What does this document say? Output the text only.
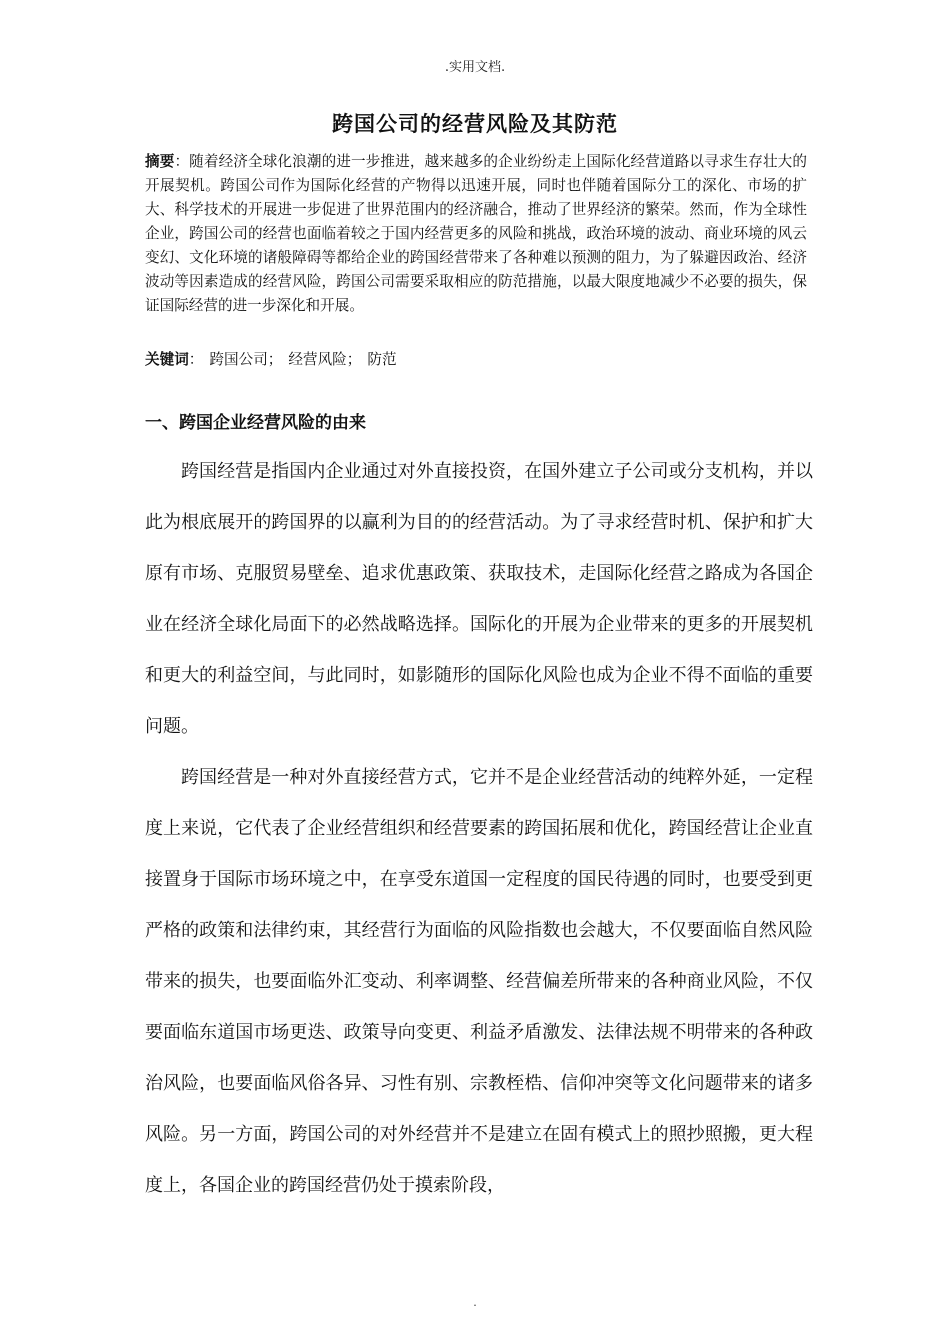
.实用文档.
跨国公司的经营风险及其防范
摘要：随着经济全球化浪潮的进一步推进，越来越多的企业纷纷走上国际化经营道路以寻求生存壮大的开展契机。跨国公司作为国际化经营的产物得以迅速开展，同时也伴随着国际分工的深化、市场的扩大、科学技术的开展进一步促进了世界范围内的经济融合，推动了世界经济的繁荣。然而，作为全球性企业，跨国公司的经营也面临着较之于国内经营更多的风险和挑战，政治环境的波动、商业环境的风云变幻、文化环境的诸般障碍等都给企业的跨国经营带来了各种难以预测的阻力，为了躲避因政治、经济波动等因素造成的经营风险，跨国公司需要采取相应的防范措施，以最大限度地减少不必要的损失，保证国际经营的进一步深化和开展。
关键词： 跨国公司； 经营风险； 防范
一、跨国企业经营风险的由来

跨国经营是指国内企业通过对外直接投资，在国外建立子公司或分支机构，并以此为根底展开的跨国界的以赢利为目的的经营活动。为了寻求经营时机、保护和扩大原有市场、克服贸易壁垒、追求优惠政策、获取技术，走国际化经营之路成为各国企业在经济全球化局面下的必然战略选择。国际化的开展为企业带来的更多的开展契机和更大的利益空间，与此同时，如影随形的国际化风险也成为企业不得不面临的重要问题。

跨国经营是一种对外直接经营方式，它并不是企业经营活动的纯粹外延，一定程度上来说，它代表了企业经营组织和经营要素的跨国拓展和优化，跨国经营让企业直接置身于国际市场环境之中，在享受东道国一定程度的国民待遇的同时，也要受到更严格的政策和法律约束，其经营行为面临的风险指数也会越大，不仅要面临自然风险带来的损失，也要面临外汇变动、利率调整、经营偏差所带来的各种商业风险，不仅要面临东道国市场更迭、政策导向变更、利益矛盾激发、法律法规不明带来的各种政治风险，也要面临风俗各异、习性有别、宗教桎梏、信仰冲突等文化问题带来的诸多风险。另一方面，跨国公司的对外经营并不是建立在固有模式上的照抄照搬，更大程度上，各国企业的跨国经营仍处于摸索阶段，

.
